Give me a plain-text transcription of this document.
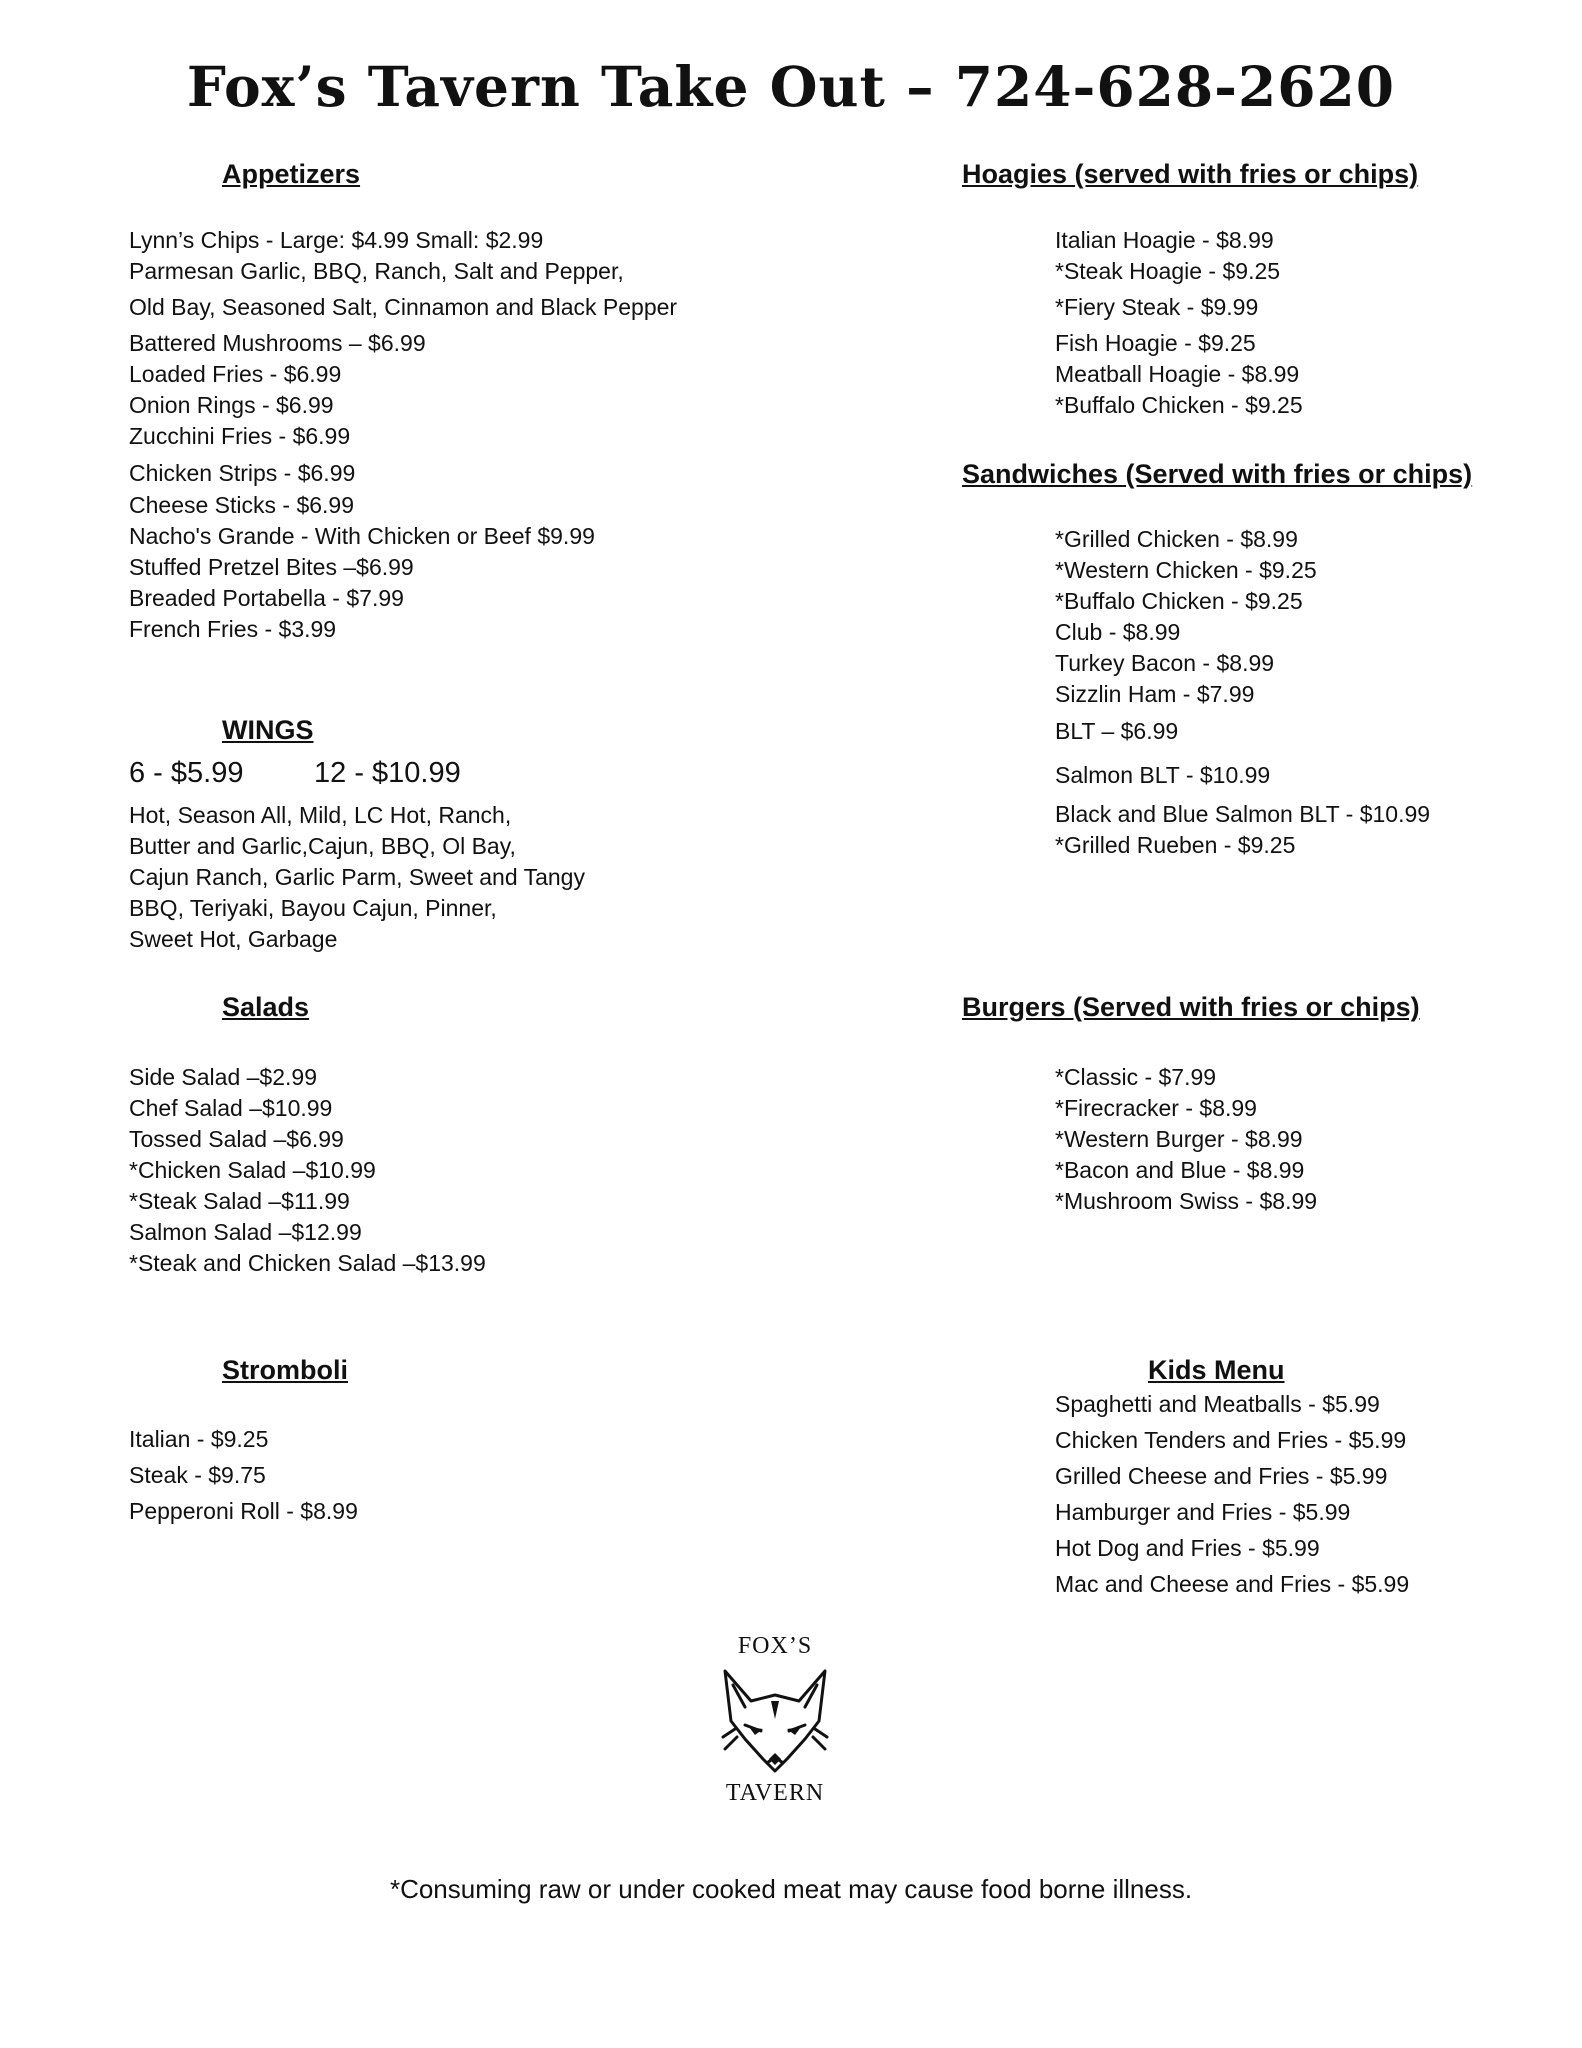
Fox’s Tavern Take Out – 724-628-2620
Appetizers
Lynn’s Chips - Large: $4.99 Small: $2.99
Parmesan Garlic, BBQ, Ranch, Salt and Pepper,
Old Bay, Seasoned Salt, Cinnamon and Black Pepper
Battered Mushrooms – $6.99
Loaded Fries - $6.99
Onion Rings - $6.99
Zucchini Fries - $6.99
Chicken Strips - $6.99
Cheese Sticks - $6.99
Nacho's Grande - With Chicken or Beef $9.99
Stuffed Pretzel Bites –$6.99
Breaded Portabella - $7.99
French Fries - $3.99
WINGS
6 - $5.99 12 - $10.99
Hot, Season All, Mild, LC Hot, Ranch,
Butter and Garlic,Cajun, BBQ, Ol Bay,
Cajun Ranch, Garlic Parm, Sweet and Tangy
BBQ, Teriyaki, Bayou Cajun, Pinner,
Sweet Hot, Garbage
Salads
Side Salad –$2.99
Chef Salad –$10.99
Tossed Salad –$6.99
*Chicken Salad –$10.99
*Steak Salad –$11.99
Salmon Salad –$12.99
*Steak and Chicken Salad –$13.99
Stromboli
Italian - $9.25
Steak - $9.75
Pepperoni Roll - $8.99
Hoagies (served with fries or chips)
Italian Hoagie - $8.99
*Steak Hoagie - $9.25
*Fiery Steak - $9.99
Fish Hoagie - $9.25
Meatball Hoagie - $8.99
*Buffalo Chicken - $9.25
Sandwiches (Served with fries or chips)
*Grilled Chicken - $8.99
*Western Chicken - $9.25
*Buffalo Chicken - $9.25
Club - $8.99
Turkey Bacon - $8.99
Sizzlin Ham - $7.99
BLT – $6.99
Salmon BLT - $10.99
Black and Blue Salmon BLT - $10.99
*Grilled Rueben - $9.25
Burgers (Served with fries or chips)
*Classic - $7.99
*Firecracker - $8.99
*Western Burger - $8.99
*Bacon and Blue - $8.99
*Mushroom Swiss - $8.99
Kids Menu
Spaghetti and Meatballs - $5.99
Chicken Tenders and Fries - $5.99
Grilled Cheese and Fries - $5.99
Hamburger and Fries - $5.99
Hot Dog and Fries - $5.99
Mac and Cheese and Fries - $5.99
FOX’S
TAVERN
*Consuming raw or under cooked meat may cause food borne illness.
